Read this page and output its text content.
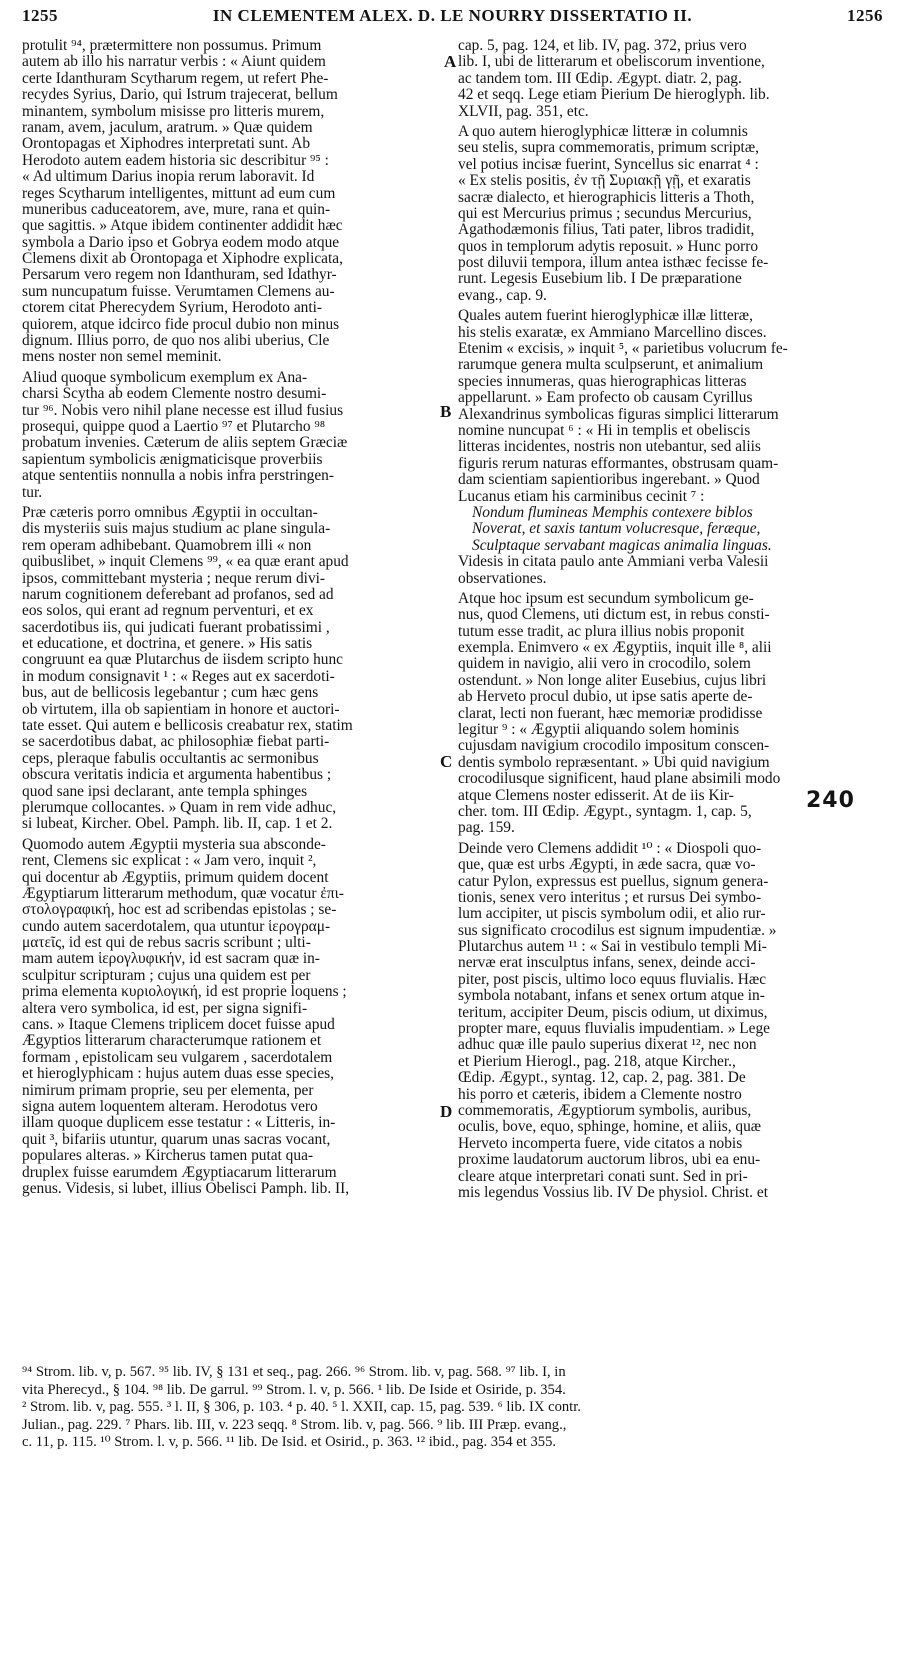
1255	IN CLEMENTEM ALEX. D. LE NOURRY DISSERTATIO II.	1256
protulit ⁹⁴, prætermittere non possumus. Primum
autem ab illo his narratur verbis : « Aiunt quidem
certe Idanthuram Scytharum regem, ut refert Phe-
recydes Syrius, Dario, qui Istrum trajecerat, bellum
minantem, symbolum misisse pro litteris murem,
ranam, avem, jaculum, aratrum. » Quæ quidem
Orontopagas et Xiphodres interpretati sunt. Ab
Herodoto autem eadem historia sic describitur ⁹⁵ :
« Ad ultimum Darius inopia rerum laboravit. Id
reges Scytharum intelligentes, mittunt ad eum cum
muneribus caduceatorem, ave, mure, rana et quin-
que sagittis. » Atque ibidem continenter addidit hæc
symbola a Dario ipso et Gobrya eodem modo atque
Clemens dixit ab Orontopaga et Xiphodre explicata,
Persarum vero regem non Idanthuram, sed Idathyr-
sum nuncupatum fuisse. Verumtamen Clemens au-
ctorem citat Pherecydem Syrium, Herodoto anti-
quiorem, atque idcirco fide procul dubio non minus
dignum. Illius porro, de quo nos alibi uberius, Cle
mens noster non semel meminit.
Aliud quoque symbolicum exemplum ex Ana-
charsi Scytha ab eodem Clemente nostro desumi-
tur ⁹⁶. Nobis vero nihil plane necesse est illud fusius
prosequi, quippe quod a Laertio ⁹⁷ et Plutarcho ⁹⁸
probatum invenies. Cæterum de aliis septem Græciæ
sapientum symbolicis ænigmaticisque proverbiis
atque sententiis nonnulla a nobis infra perstringen-
tur.
Præ cæteris porro omnibus Ægyptii in occultan-
dis mysteriis suis majus studium ac plane singula-
rem operam adhibebant. Quamobrem illi « non
quibuslibet, » inquit Clemens ⁹⁹, « ea quæ erant apud
ipsos, committebant mysteria ; neque rerum divi-
narum cognitionem deferebant ad profanos, sed ad
eos solos, qui erant ad regnum perventuri, et ex
sacerdotibus iis, qui judicati fuerant probatissimi ,
et educatione, et doctrina, et genere. » His satis
congruunt ea quæ Plutarchus de iisdem scripto hunc
in modum consignavit ¹ : « Reges aut ex sacerdoti-
bus, aut de bellicosis legebantur ; cum hæc gens
ob virtutem, illa ob sapientiam in honore et auctori-
tate esset. Qui autem e bellicosis creabatur rex, statim
se sacerdotibus dabat, ac philosophiæ fiebat parti-
ceps, pleraque fabulis occultantis ac sermonibus
obscura veritatis indicia et argumenta habentibus ;
quod sane ipsi declarant, ante templa sphinges
plerumque collocantes. » Quam in rem vide adhuc,
si lubeat, Kircher. Obel. Pamph. lib. II, cap. 1 et 2.
Quomodo autem Ægyptii mysteria sua absconde-
rent, Clemens sic explicat : « Jam vero, inquit ²,
qui docentur ab Ægyptiis, primum quidem docent
Ægyptiarum litterarum methodum, quæ vocatur ἐπι-
στολογραφική, hoc est ad scribendas epistolas ; se-
cundo autem sacerdotalem, qua utuntur ἱερογραμ-
ματεῖς, id est qui de rebus sacris scribunt ; ulti-
mam autem ἱερογλυφικήν, id est sacram quæ in-
sculpitur scripturam ; cujus una quidem est per
prima elementa κυριολογική, id est proprie loquens ;
altera vero symbolica, id est, per signa signifi-
cans. » Itaque Clemens triplicem docet fuisse apud
Ægyptios litterarum characterumque rationem et
formam , epistolicam seu vulgarem , sacerdotalem
et hieroglyphicam : hujus autem duas esse species,
nimirum primam proprie, seu per elementa, per
signa autem loquentem alteram. Herodotus vero
illam quoque duplicem esse testatur : « Litteris, in-
quit ³, bifariis utuntur, quarum unas sacras vocant,
populares alteras. » Kircherus tamen putat qua-
druplex fuisse earumdem Ægyptiacarum litterarum
genus. Videsis, si lubet, illius Obelisci Pamph. lib. II,
cap. 5, pag. 124, et lib. IV, pag. 372, prius vero
lib. I, ubi de litterarum et obeliscorum inventione,
ac tandem tom. III Œdip. Ægypt. diatr. 2, pag.
42 et seqq. Lege etiam Pierium De hieroglyph. lib.
XLVII, pag. 351, etc.
A quo autem hieroglyphicæ litteræ in columnis
seu stelis, supra commemoratis, primum scriptæ,
vel potius incisæ fuerint, Syncellus sic enarrat ⁴ :
« Ex stelis positis, ἐν τῇ Συριακῇ γῇ, et exaratis
sacræ dialecto, et hierographicis litteris a Thoth,
qui est Mercurius primus ; secundus Mercurius,
Agathodæmonis filius, Tati pater, libros tradidit,
quos in templorum adytis reposuit. » Hunc porro
post diluvii tempora, illum antea isthæc fecisse fe-
runt. Legesis Eusebium lib. I De præparatione
evang., cap. 9.
Quales autem fuerint hieroglyphicæ illæ litteræ,
his stelis exaratæ, ex Ammiano Marcellino disces.
Etenim « excisis, » inquit ⁵, « parietibus volucrum fe-
rarumque genera multa sculpserunt, et animalium
species innumeras, quas hierographicas litteras
appellarunt. » Eam profecto ob causam Cyrillus
Alexandrinus symbolicas figuras simplici litterarum
nomine nuncupat ⁶ : « Hi in templis et obeliscis
litteras incidentes, nostris non utebantur, sed aliis
figuris rerum naturas efformantes, obstrusam quam-
dam scientiam sapientioribus ingerebant. » Quod
Lucanus etiam his carminibus cecinit ⁷ :
Nondum flumineas Memphis contexere biblos
Noverat, et saxis tantum volucresque, feræque,
Sculptaque servabant magicas animalia linguas.
Videsis in citata paulo ante Ammiani verba Valesii
observationes.
Atque hoc ipsum est secundum symbolicum ge-
nus, quod Clemens, uti dictum est, in rebus consti-
tutum esse tradit, ac plura illius nobis proponit
exempla. Enimvero « ex Ægyptiis, inquit ille ⁸, alii
quidem in navigio, alii vero in crocodilo, solem
ostendunt. » Non longe aliter Eusebius, cujus libri
ab Herveto procul dubio, ut ipse satis aperte de-
clarat, lecti non fuerant, hæc memoriæ prodidisse
legitur ⁹ : « Ægyptii aliquando solem hominis
cujusdam navigium crocodilo impositum conscen-
dentis symbolo repræsentant. » Ubi quid navigium
crocodilusque significent, haud plane absimili modo
atque Clemens noster edisserit. At de iis Kir-
cher. tom. III Œdip. Ægypt., syntagm. 1, cap. 5,
pag. 159.
Deinde vero Clemens addidit ¹⁰ : « Diospoli quo-
que, quæ est urbs Ægypti, in æde sacra, quæ vo-
catur Pylon, expressus est puellus, signum genera-
tionis, senex vero interitus ; et rursus Dei symbo-
lum accipiter, ut piscis symbolum odii, et alio rur-
sus significato crocodilus est signum impudentiæ. »
Plutarchus autem ¹¹ : « Sai in vestibulo templi Mi-
nervæ erat insculptus infans, senex, deinde acci-
piter, post piscis, ultimo loco equus fluvialis. Hæc
symbola notabant, infans et senex ortum atque in-
teritum, accipiter Deum, piscis odium, ut diximus,
propter mare, equus fluvialis impudentiam. » Lege
adhuc quæ ille paulo superius dixerat ¹², nec non
et Pierium Hierogl., pag. 218, atque Kircher.,
Œdip. Ægypt., syntag. 12, cap. 2, pag. 381. De
his porro et cæteris, ibidem a Clemente nostro
commemoratis, Ægyptiorum symbolis, auribus,
oculis, bove, equo, sphinge, homine, et aliis, quæ
Herveto incomperta fuere, vide citatos a nobis
proxime laudatorum auctorum libros, ubi ea enu-
cleare atque interpretari conati sunt. Sed in pri-
mis legendus Vossius lib. IV De physiol. Christ. et
A
B
C
D
240
⁹⁴ Strom. lib. v, p. 567. ⁹⁵ lib. IV, § 131 et seq., pag. 266. ⁹⁶ Strom. lib. v, pag. 568. ⁹⁷ lib. I, in
vita Pherecyd., § 104. ⁹⁸ lib. De garrul. ⁹⁹ Strom. l. v, p. 566. ¹ lib. De Iside et Osiride, p. 354.
² Strom. lib. v, pag. 555. ³ l. II, § 306, p. 103. ⁴ p. 40. ⁵ l. XXII, cap. 15, pag. 539. ⁶ lib. IX contr.
Julian., pag. 229. ⁷ Phars. lib. III, v. 223 seqq. ⁸ Strom. lib. v, pag. 566. ⁹ lib. III Præp. evang.,
c. 11, p. 115. ¹⁰ Strom. l. v, p. 566. ¹¹ lib. De Isid. et Osirid., p. 363. ¹² ibid., pag. 354 et 355.
